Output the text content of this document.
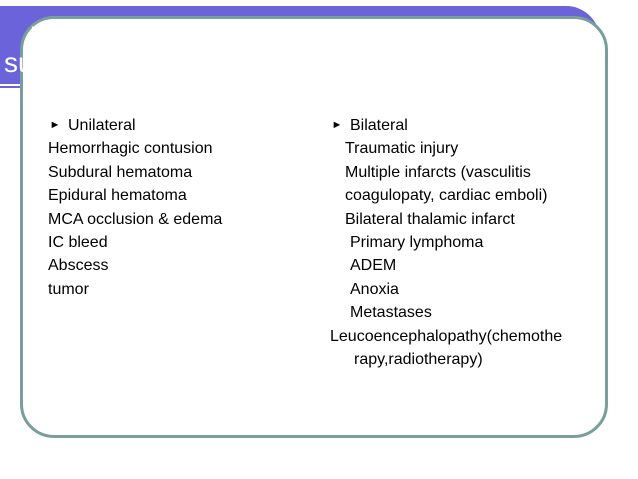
major causes of organic coma-
supra tentorial
► Unilateral
Hemorrhagic contusion
Subdural hematoma
Epidural hematoma
MCA occlusion & edema
IC bleed
Abscess
tumor
► Bilateral
Traumatic injury
Multiple infarcts (vasculitis
coagulopaty, cardiac emboli)
Bilateral thalamic infarct
Primary lymphoma
ADEM
Anoxia
Metastases
Leucoencephalopathy(chemothe
rapy,radiotherapy)
